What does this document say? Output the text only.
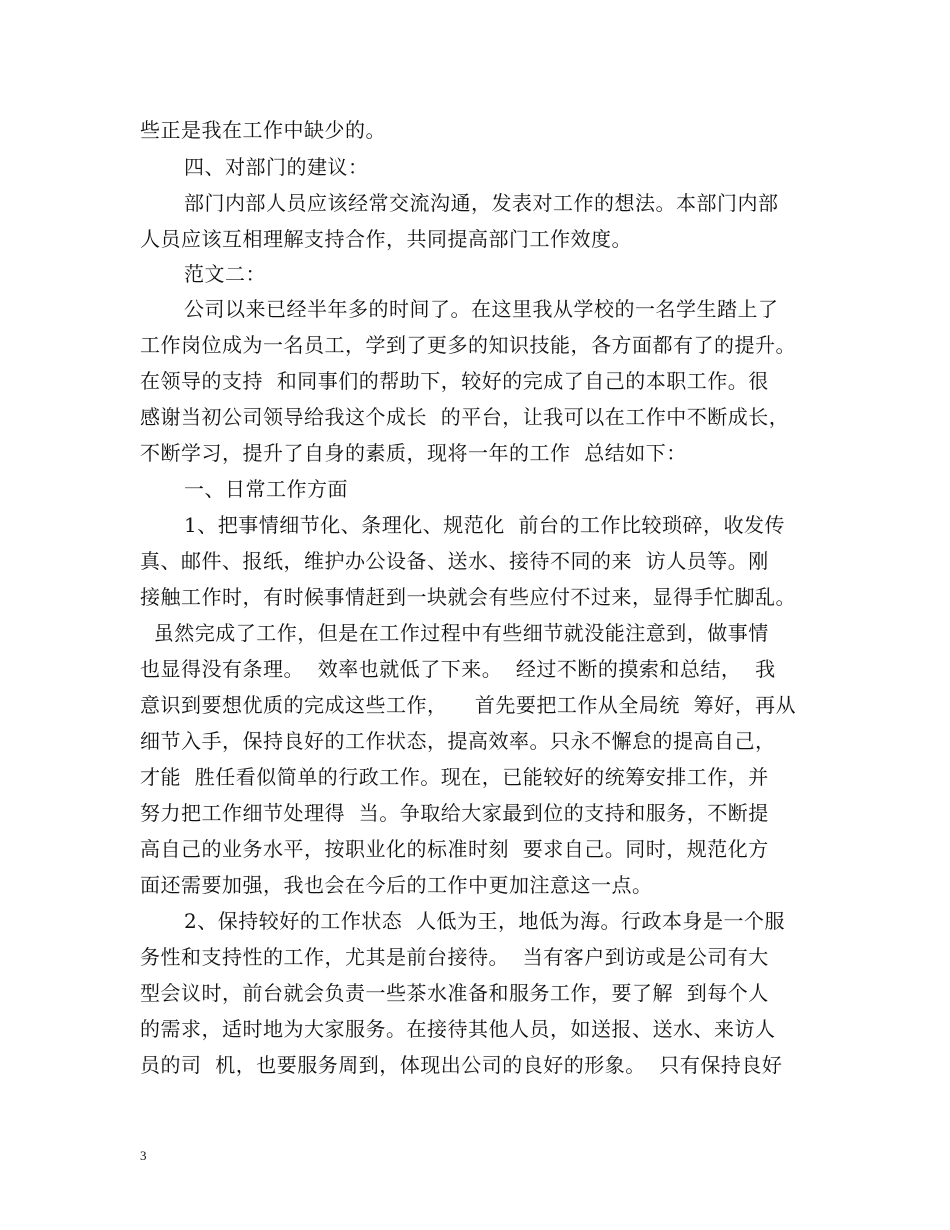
些正是我在工作中缺少的。
四、对部门的建议：
部门内部人员应该经常交流沟通，发表对工作的想法。本部门内部
人员应该互相理解支持合作，共同提高部门工作效度。
范文二：
公司以来已经半年多的时间了。在这里我从学校的一名学生踏上了
工作岗位成为一名员工，学到了更多的知识技能，各方面都有了的提升。
在领导的支持  和同事们的帮助下，较好的完成了自己的本职工作。很
感谢当初公司领导给我这个成长  的平台，让我可以在工作中不断成长，
不断学习，提升了自身的素质，现将一年的工作  总结如下：
一、日常工作方面
1、把事情细节化、条理化、规范化  前台的工作比较琐碎，收发传
真、邮件、报纸，维护办公设备、送水、接待不同的来  访人员等。刚
接触工作时，有时候事情赶到一块就会有些应付不过来，显得手忙脚乱。
虽然完成了工作，但是在工作过程中有些细节就没能注意到，做事情
也显得没有条理。  效率也就低了下来。  经过不断的摸索和总结，  我
意识到要想优质的完成这些工作，    首先要把工作从全局统  筹好，再从
细节入手，保持良好的工作状态，提高效率。只永不懈怠的提高自己，
才能  胜任看似简单的行政工作。现在，已能较好的统筹安排工作，并
努力把工作细节处理得  当。争取给大家最到位的支持和服务，不断提
高自己的业务水平，按职业化的标准时刻  要求自己。同时，规范化方
面还需要加强，我也会在今后的工作中更加注意这一点。
2、保持较好的工作状态  人低为王，地低为海。行政本身是一个服
务性和支持性的工作，尤其是前台接待。  当有客户到访或是公司有大
型会议时，前台就会负责一些茶水准备和服务工作，要了解  到每个人
的需求，适时地为大家服务。在接待其他人员，如送报、送水、来访人
员的司  机，也要服务周到，体现出公司的良好的形象。  只有保持良好
3
